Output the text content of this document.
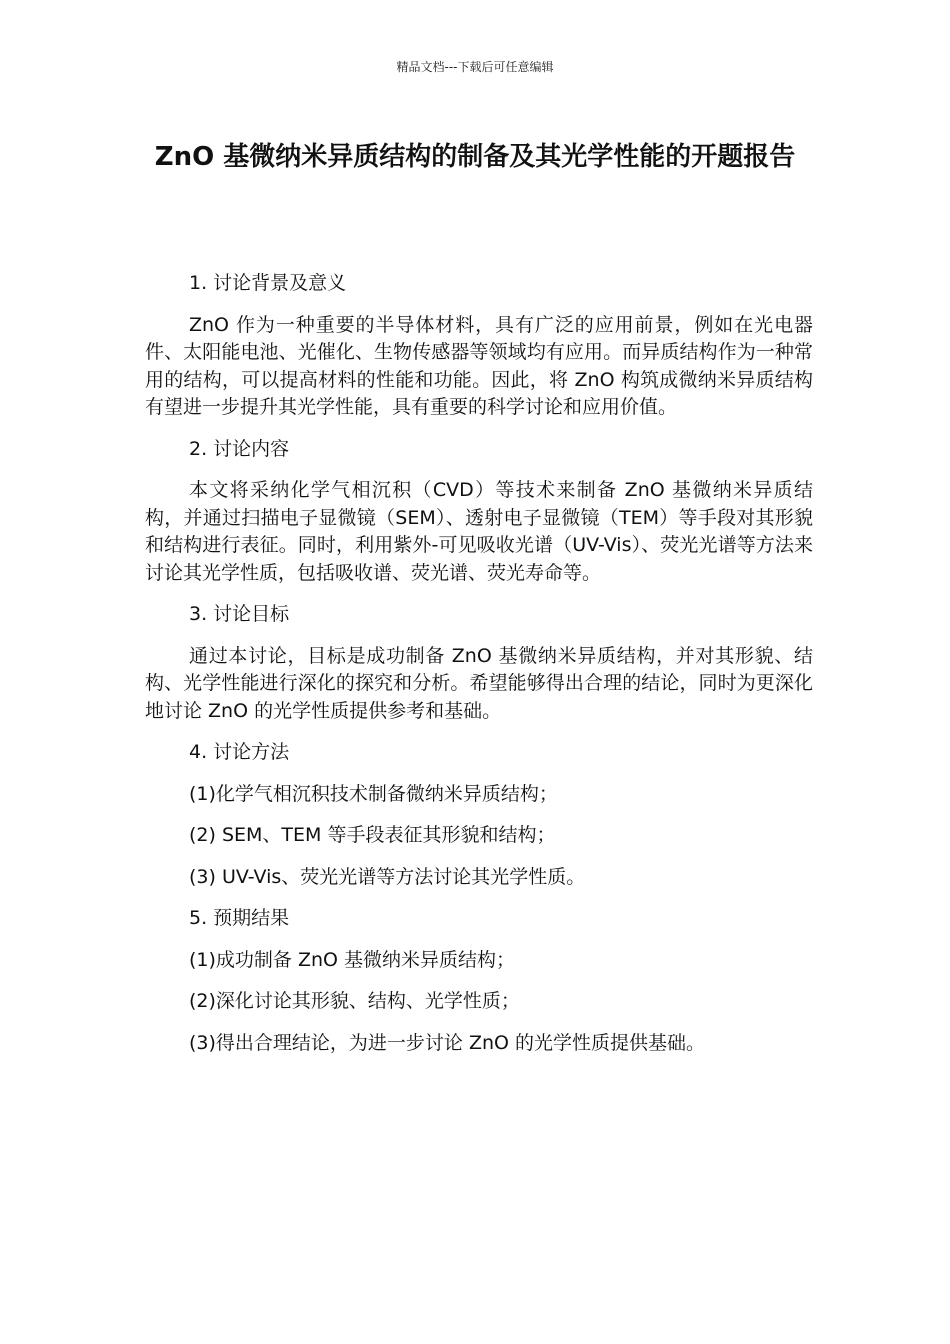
精品文档---下载后可任意编辑
ZnO 基微纳米异质结构的制备及其光学性能的开题报告
1. 讨论背景及意义

ZnO 作为一种重要的半导体材料，具有广泛的应用前景，例如在光电器件、太阳能电池、光催化、生物传感器等领域均有应用。而异质结构作为一种常用的结构，可以提高材料的性能和功能。因此，将 ZnO 构筑成微纳米异质结构有望进一步提升其光学性能，具有重要的科学讨论和应用价值。

2. 讨论内容

本文将采纳化学气相沉积（CVD）等技术来制备 ZnO 基微纳米异质结构，并通过扫描电子显微镜（SEM）、透射电子显微镜（TEM）等手段对其形貌和结构进行表征。同时，利用紫外-可见吸收光谱（UV-Vis）、荧光光谱等方法来讨论其光学性质，包括吸收谱、荧光谱、荧光寿命等。

3. 讨论目标

通过本讨论，目标是成功制备 ZnO 基微纳米异质结构，并对其形貌、结构、光学性能进行深化的探究和分析。希望能够得出合理的结论，同时为更深化地讨论 ZnO 的光学性质提供参考和基础。

4. 讨论方法
(1)化学气相沉积技术制备微纳米异质结构；
(2) SEM、TEM 等手段表征其形貌和结构；
(3) UV-Vis、荧光光谱等方法讨论其光学性质。
5. 预期结果
(1)成功制备 ZnO 基微纳米异质结构；
(2)深化讨论其形貌、结构、光学性质；
(3)得出合理结论，为进一步讨论 ZnO 的光学性质提供基础。
